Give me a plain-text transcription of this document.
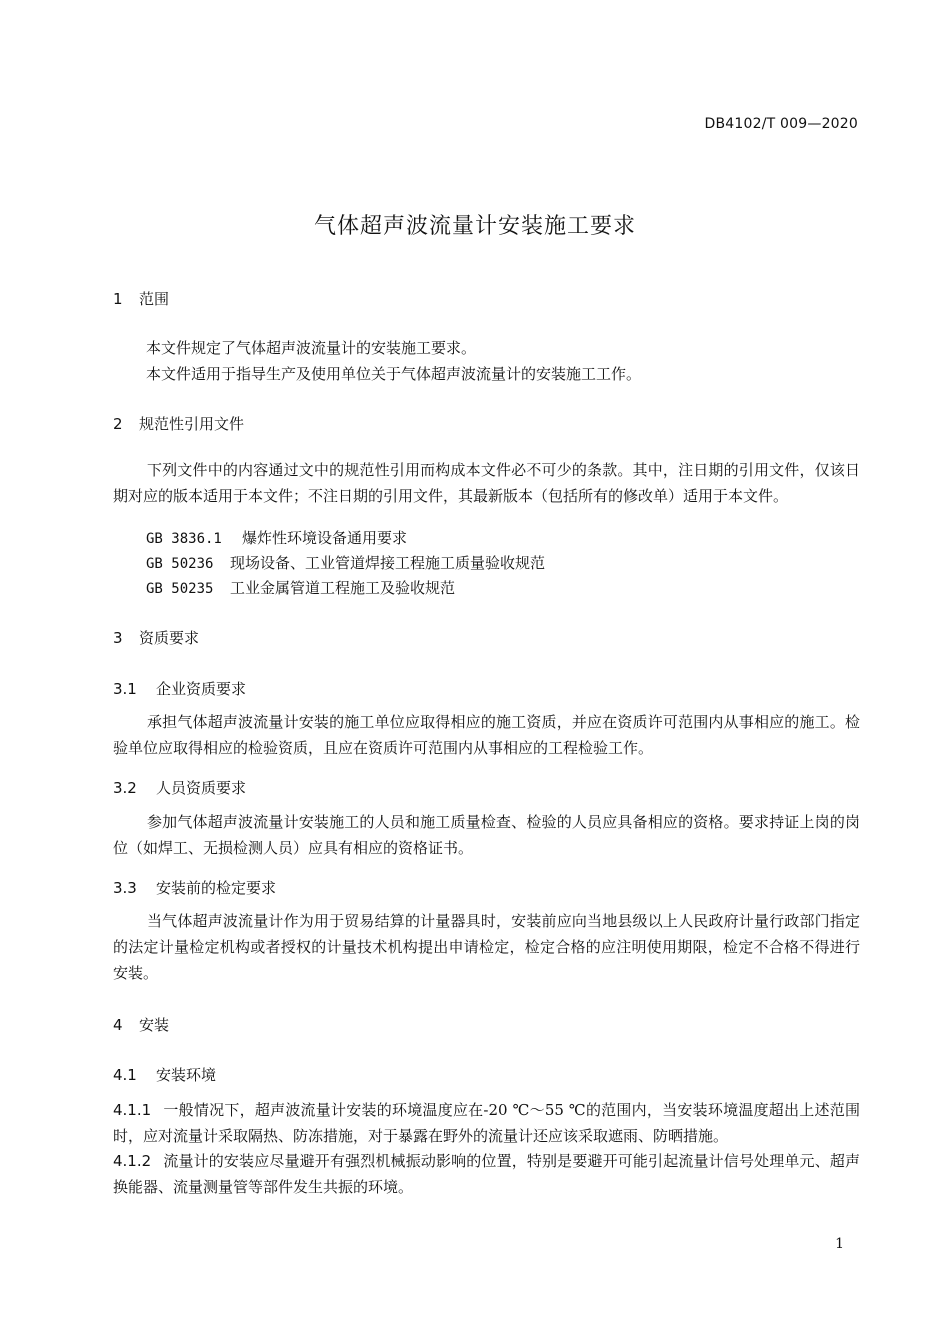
DB4102/T 009—2020
气体超声波流量计安装施工要求
1 范围
本文件规定了气体超声波流量计的安装施工要求。
本文件适用于指导生产及使用单位关于气体超声波流量计的安装施工工作。
2 规范性引用文件
下列文件中的内容通过文中的规范性引用而构成本文件必不可少的条款。其中，注日期的引用文件，仅该日期对应的版本适用于本文件；不注日期的引用文件，其最新版本（包括所有的修改单）适用于本文件。
GB 3836.1 爆炸性环境设备通用要求
GB 50236 现场设备、工业管道焊接工程施工质量验收规范
GB 50235 工业金属管道工程施工及验收规范
3 资质要求
3.1 企业资质要求
承担气体超声波流量计安装的施工单位应取得相应的施工资质，并应在资质许可范围内从事相应的施工。检验单位应取得相应的检验资质，且应在资质许可范围内从事相应的工程检验工作。
3.2 人员资质要求
参加气体超声波流量计安装施工的人员和施工质量检查、检验的人员应具备相应的资格。要求持证上岗的岗位（如焊工、无损检测人员）应具有相应的资格证书。
3.3 安装前的检定要求
当气体超声波流量计作为用于贸易结算的计量器具时，安装前应向当地县级以上人民政府计量行政部门指定的法定计量检定机构或者授权的计量技术机构提出申请检定，检定合格的应注明使用期限，检定不合格不得进行安装。
4 安装
4.1 安装环境
4.1.1 一般情况下，超声波流量计安装的环境温度应在-20 ℃～55 ℃的范围内，当安装环境温度超出上述范围时，应对流量计采取隔热、防冻措施，对于暴露在野外的流量计还应该采取遮雨、防晒措施。
4.1.2 流量计的安装应尽量避开有强烈机械振动影响的位置，特别是要避开可能引起流量计信号处理单元、超声换能器、流量测量管等部件发生共振的环境。
1
